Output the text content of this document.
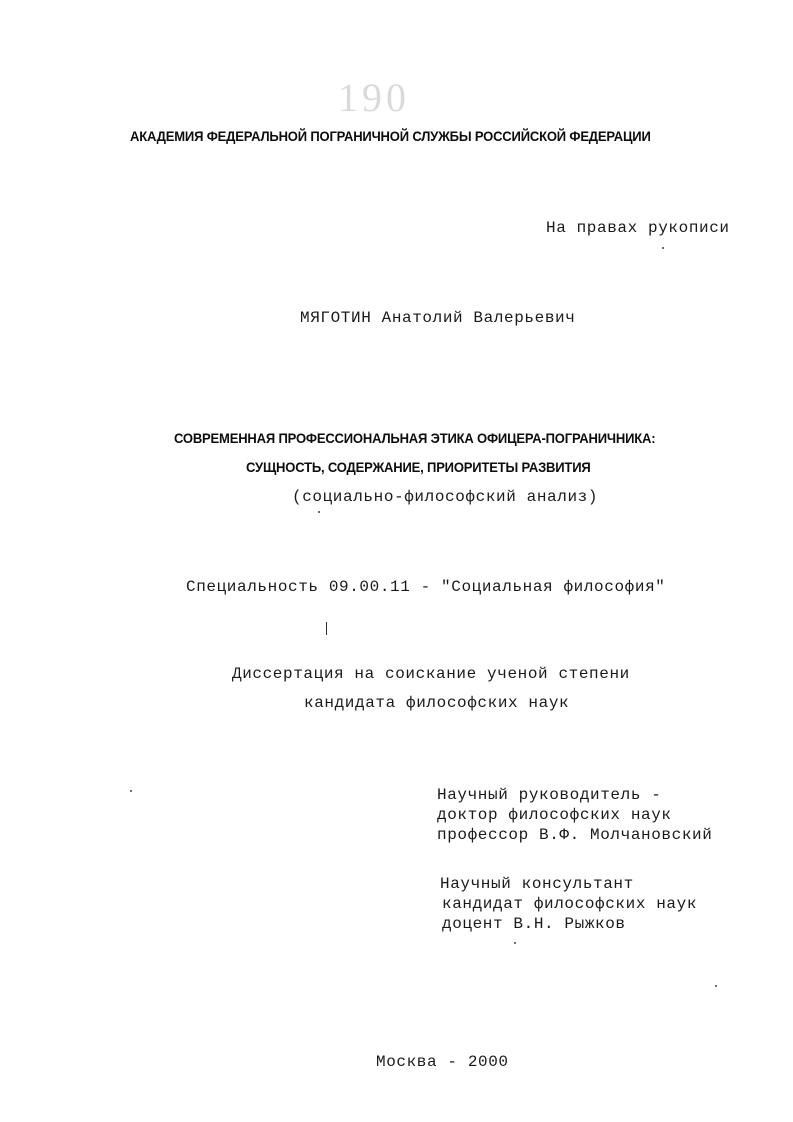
190
АКАДЕМИЯ ФЕДЕРАЛЬНОЙ ПОГРАНИЧНОЙ СЛУЖБЫ РОССИЙСКОЙ ФЕДЕРАЦИИ
На правах рукописи
МЯГОТИН Анатолий Валерьевич
СОВРЕМЕННАЯ ПРОФЕССИОНАЛЬНАЯ ЭТИКА ОФИЦЕРА-ПОГРАНИЧНИКА:
СУЩНОСТЬ, СОДЕРЖАНИЕ, ПРИОРИТЕТЫ РАЗВИТИЯ
(социально-философский анализ)
Специальность 09.00.11 - "Социальная философия"
Диссертация на соискание ученой степени
кандидата философских наук
Научный руководитель -
доктор философских наук
профессор В.Ф. Молчановский
Научный консультант
кандидат философских наук
доцент В.Н. Рыжков
Москва - 2000
